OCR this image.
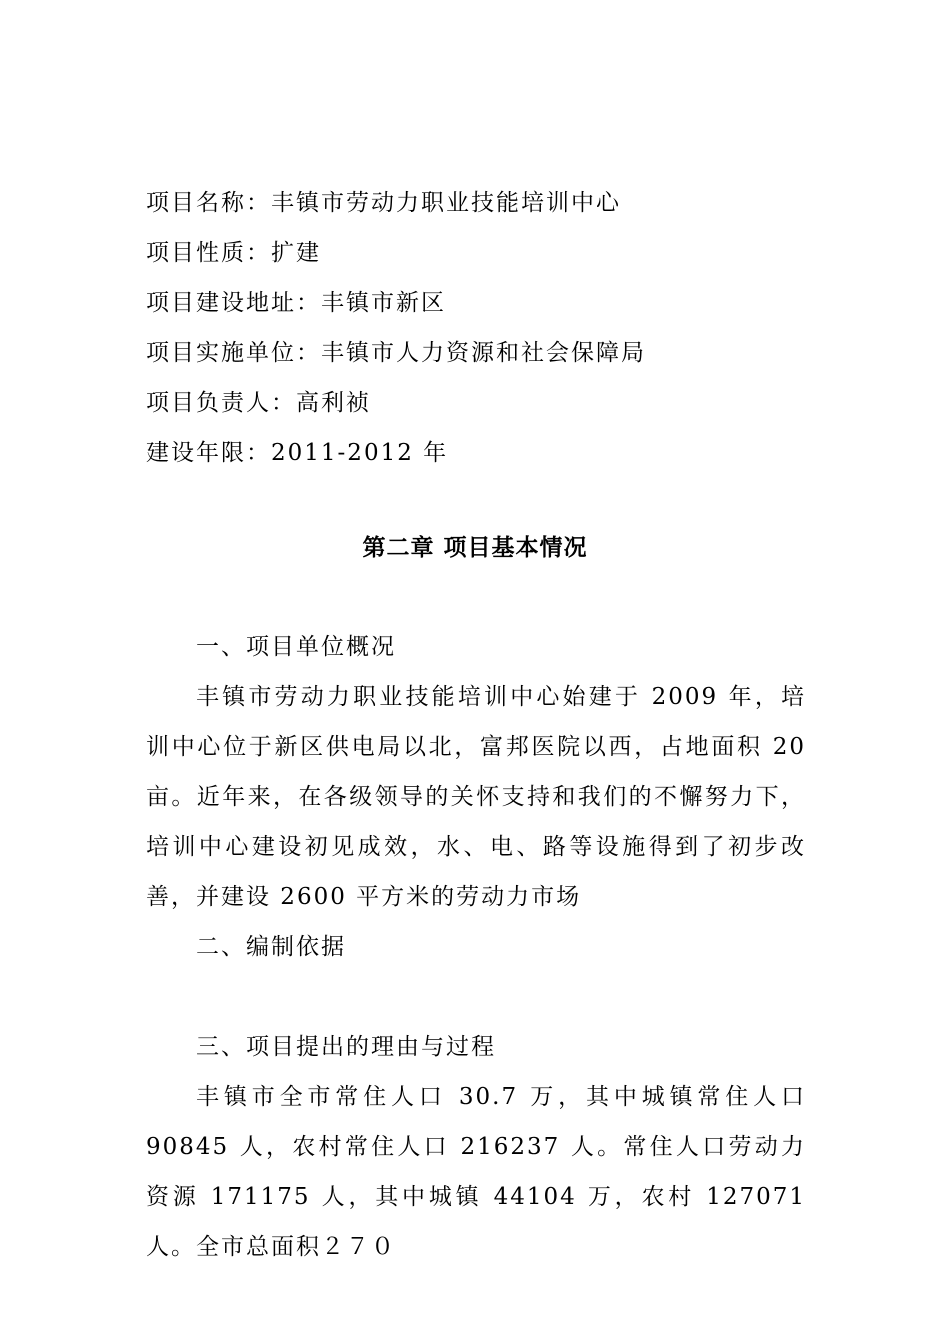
项目名称：丰镇市劳动力职业技能培训中心
项目性质：扩建
项目建设地址：丰镇市新区
项目实施单位：丰镇市人力资源和社会保障局
项目负责人：高利祯
建设年限：2011-2012 年
第二章 项目基本情况
一、项目单位概况
丰镇市劳动力职业技能培训中心始建于 2009 年，培训中心位于新区供电局以北，富邦医院以西，占地面积 20 亩。近年来，在各级领导的关怀支持和我们的不懈努力下，培训中心建设初见成效，水、电、路等设施得到了初步改善，并建设 2600 平方米的劳动力市场
二、编制依据
三、项目提出的理由与过程
丰镇市全市常住人口 30.7 万，其中城镇常住人口 90845 人，农村常住人口 216237 人。常住人口劳动力资源 171175 人，其中城镇 44104 万，农村 127071 人。全市总面积２７０
